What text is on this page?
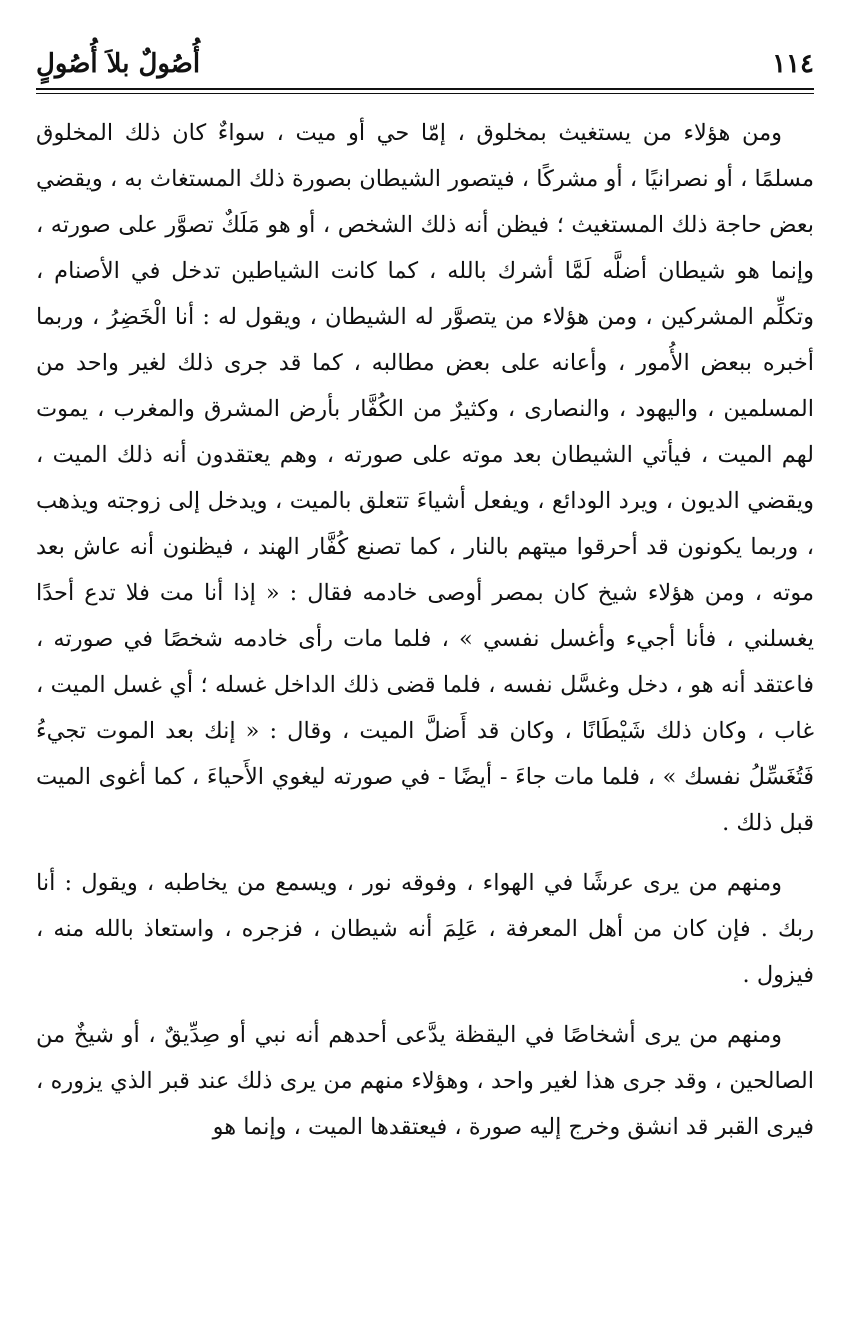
١١٤
أُصُولٌ بلاَ أُصُولٍ

ومن هؤلاء من يستغيث بمخلوق ، إمّا حي أو ميت ، سواءٌ كان ذلك المخلوق مسلمًا ، أو نصرانيًا ، أو مشركًا ، فيتصور الشيطان بصورة ذلك المستغاث به ، ويقضي بعض حاجة ذلك المستغيث ؛ فيظن أنه ذلك الشخص ، أو هو مَلَكٌ تصوَّر على صورته ، وإنما هو شيطان أضلَّه لَمَّا أشرك بالله ، كما كانت الشياطين تدخل في الأصنام ، وتكلِّم المشركين ، ومن هؤلاء من يتصوَّر له الشيطان ، ويقول له : أنا الْخَضِرُ ، وربما أخبره ببعض الأُمور ، وأعانه على بعض مطالبه ، كما قد جرى ذلك لغير واحد من المسلمين ، واليهود ، والنصارى ، وكثيرٌ من الكُفَّار بأرض المشرق والمغرب ، يموت لهم الميت ، فيأتي الشيطان بعد موته على صورته ، وهم يعتقدون أنه ذلك الميت ، ويقضي الديون ، ويرد الودائع ، ويفعل أشياءَ تتعلق بالميت ، ويدخل إلى زوجته ويذهب ، وربما يكونون قد أحرقوا ميتهم بالنار ، كما تصنع كُفَّار الهند ، فيظنون أنه عاش بعد موته ، ومن هؤلاء شيخ كان بمصر أوصى خادمه فقال : « إذا أنا مت فلا تدع أحدًا يغسلني ، فأنا أجيء وأغسل نفسي » ، فلما مات رأى خادمه شخصًا في صورته ، فاعتقد أنه هو ، دخل وغسَّل نفسه ، فلما قضى ذلك الداخل غسله ؛ أي غسل الميت ، غاب ، وكان ذلك شَيْطَانًا ، وكان قد أَضلَّ الميت ، وقال : « إنك بعد الموت تجيءُ فَتُغَسِّلُ نفسك » ، فلما مات جاءَ - أيضًا - في صورته ليغوي الأَحياءَ ، كما أغوى الميت قبل ذلك .

ومنهم من يرى عرشًا في الهواء ، وفوقه نور ، ويسمع من يخاطبه ، ويقول : أنا ربك . فإن كان من أهل المعرفة ، عَلِمَ أنه شيطان ، فزجره ، واستعاذ بالله منه ، فيزول .

ومنهم من يرى أشخاصًا في اليقظة يدَّعى أحدهم أنه نبي أو صِدِّيقٌ ، أو شيخٌ من الصالحين ، وقد جرى هذا لغير واحد ، وهؤلاء منهم من يرى ذلك عند قبر الذي يزوره ، فيرى القبر قد انشق وخرج إليه صورة ، فيعتقدها الميت ، وإنما هو
